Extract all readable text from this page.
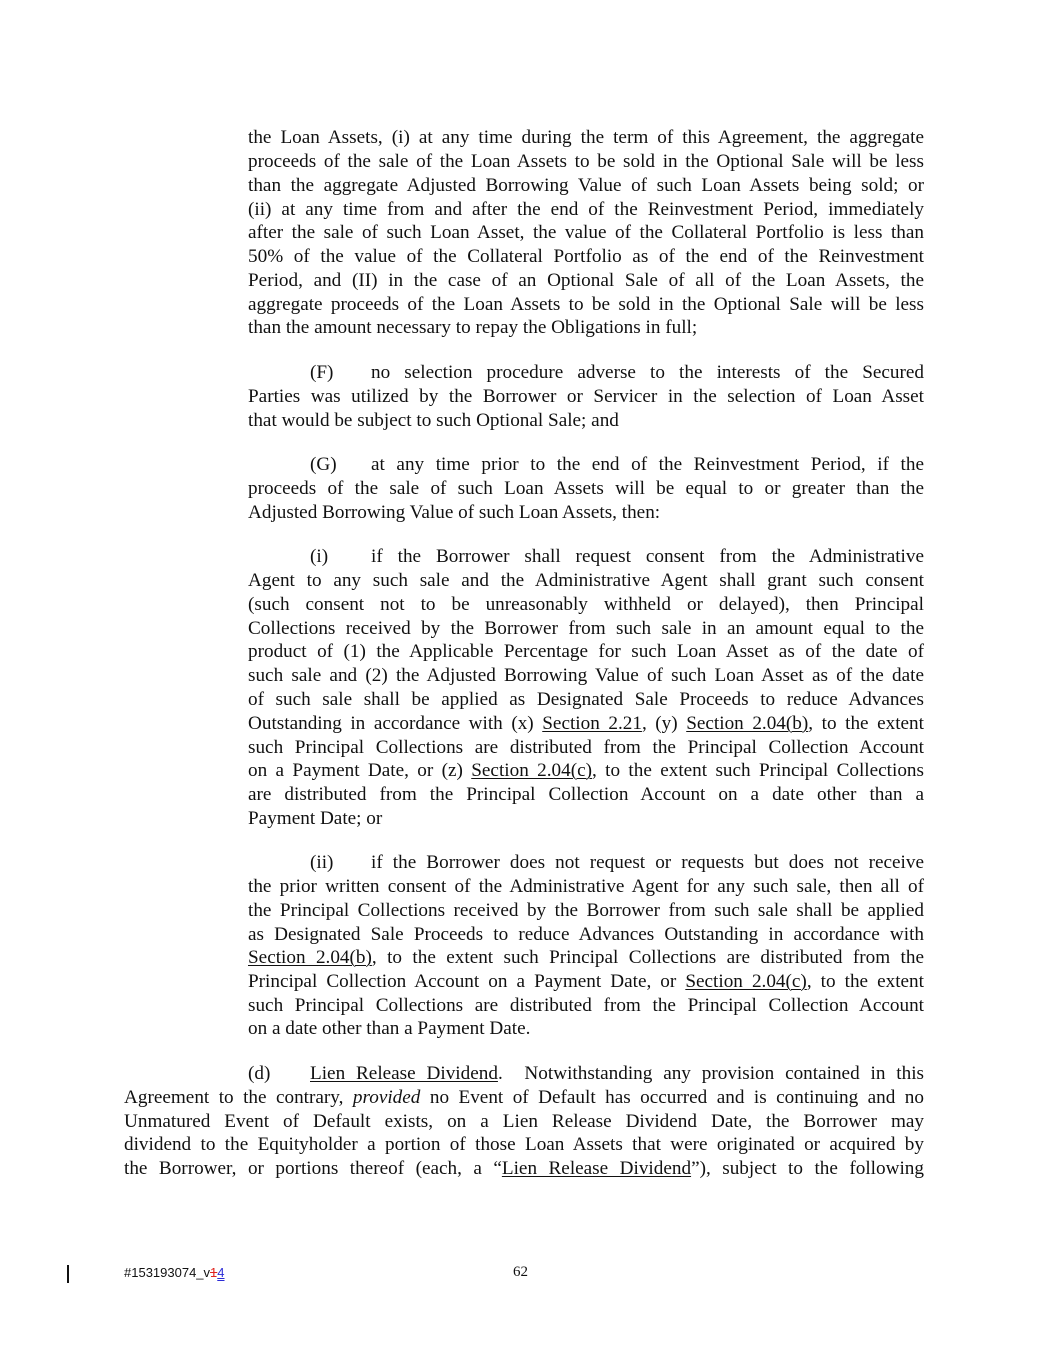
the Loan Assets, (i) at any time during the term of this Agreement, the aggregate
proceeds of the sale of the Loan Assets to be sold in the Optional Sale will be less
than the aggregate Adjusted Borrowing Value of such Loan Assets being sold; or
(ii) at any time from and after the end of the Reinvestment Period, immediately
after the sale of such Loan Asset, the value of the Collateral Portfolio is less than
50% of the value of the Collateral Portfolio as of the end of the Reinvestment
Period, and (II) in the case of an Optional Sale of all of the Loan Assets, the
aggregate proceeds of the Loan Assets to be sold in the Optional Sale will be less
than the amount necessary to repay the Obligations in full;
(F) no selection procedure adverse to the interests of the Secured
Parties was utilized by the Borrower or Servicer in the selection of Loan Asset
that would be subject to such Optional Sale; and
(G) at any time prior to the end of the Reinvestment Period, if the
proceeds of the sale of such Loan Assets will be equal to or greater than the
Adjusted Borrowing Value of such Loan Assets, then:
(i) if the Borrower shall request consent from the Administrative
Agent to any such sale and the Administrative Agent shall grant such consent
(such consent not to be unreasonably withheld or delayed), then Principal
Collections received by the Borrower from such sale in an amount equal to the
product of (1) the Applicable Percentage for such Loan Asset as of the date of
such sale and (2) the Adjusted Borrowing Value of such Loan Asset as of the date
of such sale shall be applied as Designated Sale Proceeds to reduce Advances
Outstanding in accordance with (x) Section 2.21, (y) Section 2.04(b), to the extent
such Principal Collections are distributed from the Principal Collection Account
on a Payment Date, or (z) Section 2.04(c), to the extent such Principal Collections
are distributed from the Principal Collection Account on a date other than a
Payment Date; or
(ii) if the Borrower does not request or requests but does not receive
the prior written consent of the Administrative Agent for any such sale, then all of
the Principal Collections received by the Borrower from such sale shall be applied
as Designated Sale Proceeds to reduce Advances Outstanding in accordance with
Section 2.04(b), to the extent such Principal Collections are distributed from the
Principal Collection Account on a Payment Date, or Section 2.04(c), to the extent
such Principal Collections are distributed from the Principal Collection Account
on a date other than a Payment Date.
(d) Lien Release Dividend.  Notwithstanding any provision contained in this
Agreement to the contrary, provided no Event of Default has occurred and is continuing and no
Unmatured Event of Default exists, on a Lien Release Dividend Date, the Borrower may
dividend to the Equityholder a portion of those Loan Assets that were originated or acquired by
the Borrower, or portions thereof (each, a “Lien Release Dividend”), subject to the following
#153193074_v14	62
